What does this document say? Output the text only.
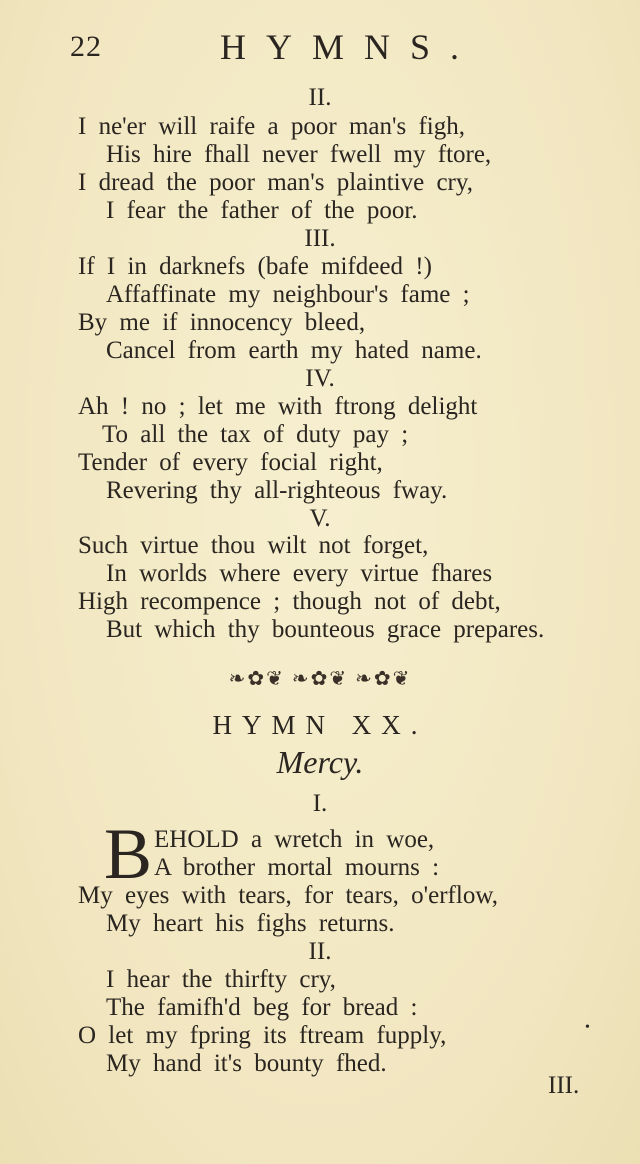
22	HYMNS.
II.
I ne'er will raife a poor man's figh,
His hire fhall never fwell my ftore,
I dread the poor man's plaintive cry,
I fear the father of the poor.
III.
If I in darknefs (bafe mifdeed !)
Affaffinate my neighbour's fame ;
By me if innocency bleed,
Cancel from earth my hated name.
IV.
Ah ! no ; let me with ftrong delight
To all the tax of duty pay ;
Tender of every focial right,
Revering thy all-righteous fway.
V.
Such virtue thou wilt not forget,
In worlds where every virtue fhares
High recompence ; though not of debt,
But which thy bounteous grace prepares.
❧✿❦ ❧✿❦ ❧✿❦
HYMN XX.
Mercy.
I.
B EHOLD a wretch in woe,
A brother mortal mourns :
My eyes with tears, for tears, o'erflow,
My heart his fighs returns.
II.
I hear the thirfty cry,
The famifh'd beg for bread :
O let my fpring its ftream fupply,
My hand it's bounty fhed.
•
III.
